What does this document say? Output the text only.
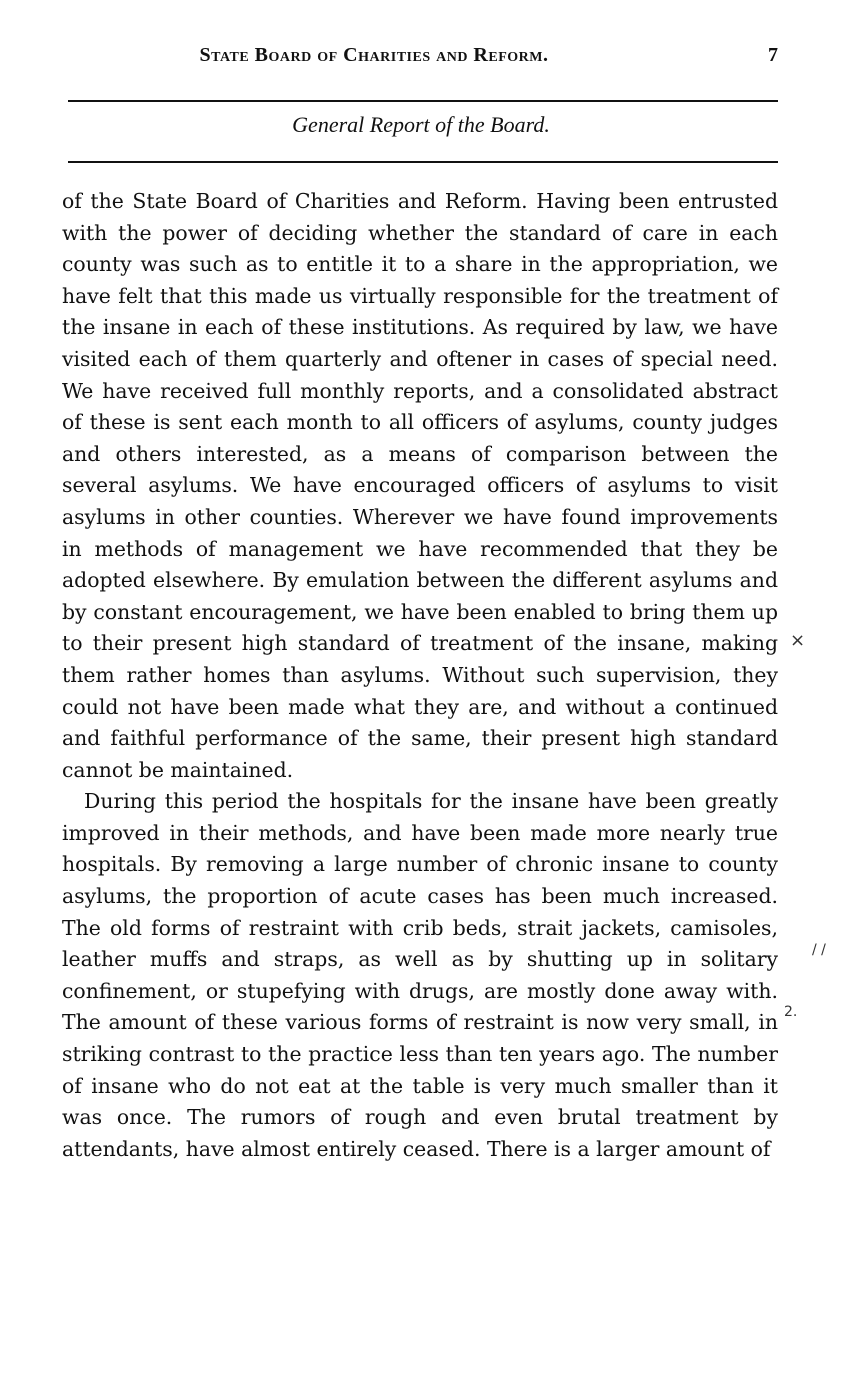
State Board of Charities and Reform.	7
General Report of the Board.

of the State Board of Charities and Reform. Having been entrusted with the power of deciding whether the standard of care in each county was such as to entitle it to a share in the appropriation, we have felt that this made us virtually responsible for the treatment of the insane in each of these institutions. As required by law, we have visited each of them quarterly and oftener in cases of special need. We have received full monthly reports, and a consolidated abstract of these is sent each month to all officers of asylums, county judges and others interested, as a means of comparison between the several asylums. We have encouraged officers of asylums to visit asylums in other counties. Wherever we have found improvements in methods of management we have recommended that they be adopted elsewhere. By emulation between the different asylums and by constant encouragement, we have been enabled to bring them up to their present high standard of treatment of the insane, making them rather homes than asylums. Without such supervision, they could not have been made what they are, and without a continued and faithful performance of the same, their present high standard cannot be maintained.

During this period the hospitals for the insane have been greatly improved in their methods, and have been made more nearly true hospitals. By removing a large number of chronic insane to county asylums, the proportion of acute cases has been much increased. The old forms of restraint with crib beds, strait jackets, camisoles, leather muffs and straps, as well as by shutting up in solitary confinement, or stupefying with drugs, are mostly done away with. The amount of these various forms of restraint is now very small, in striking contrast to the practice less than ten years ago. The number of insane who do not eat at the table is very much smaller than it was once. The rumors of rough and even brutal treatment by attendants, have almost entirely ceased. There is a larger amount of

×
/ /
2.
